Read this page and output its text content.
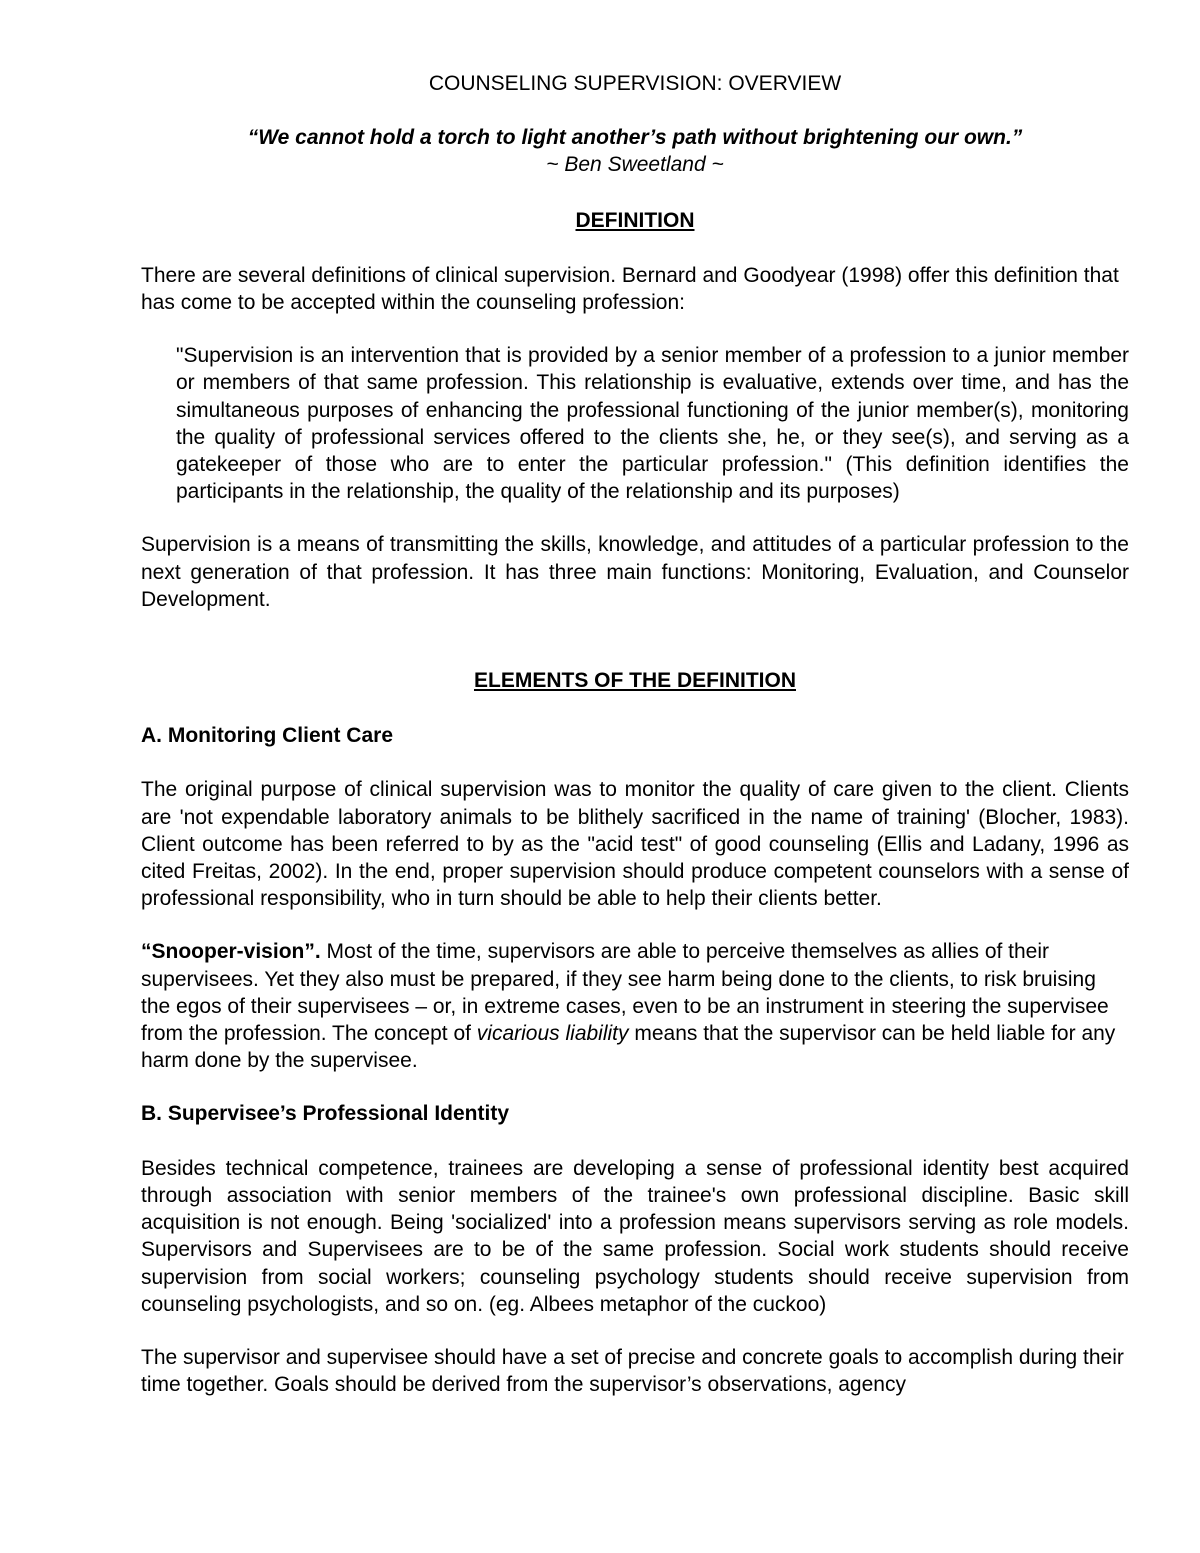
COUNSELING SUPERVISION: OVERVIEW

“We cannot hold a torch to light another’s path without brightening our own.”

~ Ben Sweetland ~

DEFINITION

There are several definitions of clinical supervision. Bernard and Goodyear (1998) offer this definition that has come to be accepted within the counseling profession:

"Supervision is an intervention that is provided by a senior member of a profession to a junior member or members of that same profession. This relationship is evaluative, extends over time, and has the simultaneous purposes of enhancing the professional functioning of the junior member(s), monitoring the quality of professional services offered to the clients she, he, or they see(s), and serving as a gatekeeper of those who are to enter the particular profession." (This definition identifies the participants in the relationship, the quality of the relationship and its purposes)

Supervision is a means of transmitting the skills, knowledge, and attitudes of a particular profession to the next generation of that profession. It has three main functions: Monitoring, Evaluation, and Counselor Development.

ELEMENTS OF THE DEFINITION

A. Monitoring Client Care

The original purpose of clinical supervision was to monitor the quality of care given to the client. Clients are 'not expendable laboratory animals to be blithely sacrificed in the name of training' (Blocher, 1983). Client outcome has been referred to by as the "acid test" of good counseling (Ellis and Ladany, 1996 as cited Freitas, 2002). In the end, proper supervision should produce competent counselors with a sense of professional responsibility, who in turn should be able to help their clients better.

“Snooper-vision”. Most of the time, supervisors are able to perceive themselves as allies of their supervisees. Yet they also must be prepared, if they see harm being done to the clients, to risk bruising the egos of their supervisees – or, in extreme cases, even to be an instrument in steering the supervisee from the profession. The concept of vicarious liability means that the supervisor can be held liable for any harm done by the supervisee.

B. Supervisee’s Professional Identity

Besides technical competence, trainees are developing a sense of professional identity best acquired through association with senior members of the trainee's own professional discipline. Basic skill acquisition is not enough. Being 'socialized' into a profession means supervisors serving as role models. Supervisors and Supervisees are to be of the same profession. Social work students should receive supervision from social workers; counseling psychology students should receive supervision from counseling psychologists, and so on. (eg. Albees metaphor of the cuckoo)

The supervisor and supervisee should have a set of precise and concrete goals to accomplish during their time together. Goals should be derived from the supervisor’s observations, agency
